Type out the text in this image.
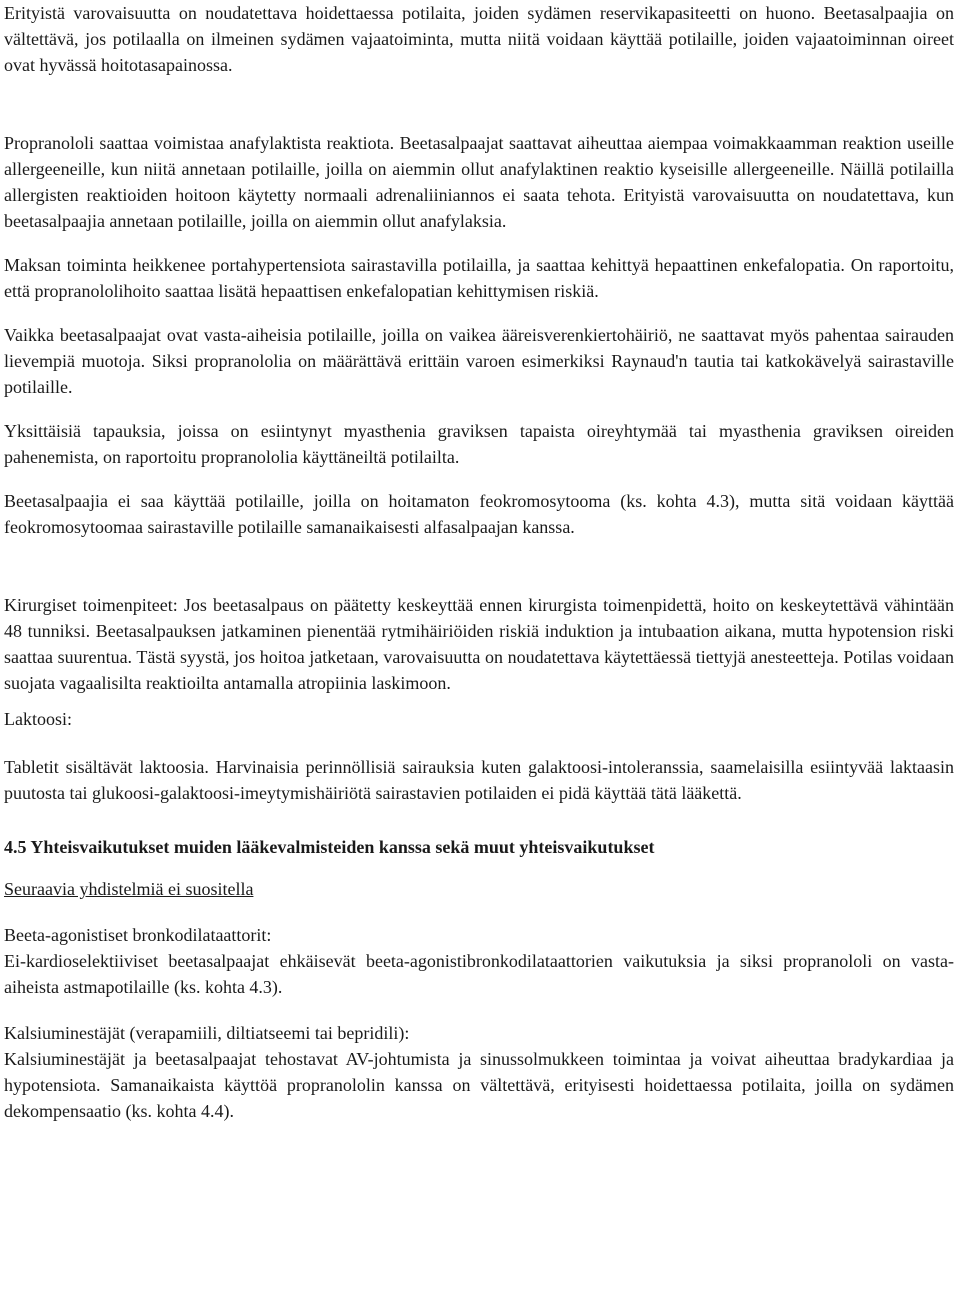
Erityistä varovaisuutta on noudatettava hoidettaessa potilaita, joiden sydämen reservikapasiteetti on huono. Beetasalpaajia on vältettävä, jos potilaalla on ilmeinen sydämen vajaatoiminta, mutta niitä voidaan käyttää potilaille, joiden vajaatoiminnan oireet ovat hyvässä hoitotasapainossa.

Propranololi saattaa voimistaa anafylaktista reaktiota. Beetasalpaajat saattavat aiheuttaa aiempaa voimakkaamman reaktion useille allergeeneille, kun niitä annetaan potilaille, joilla on aiemmin ollut anafylaktinen reaktio kyseisille allergeeneille. Näillä potilailla allergisten reaktioiden hoitoon käytetty normaali adrenaliiniannos ei saata tehota. Erityistä varovaisuutta on noudatettava, kun beetasalpaajia annetaan potilaille, joilla on aiemmin ollut anafylaksia.

Maksan toiminta heikkenee portahypertensiota sairastavilla potilailla, ja saattaa kehittyä hepaattinen enkefalopatia. On raportoitu, että propranololihoito saattaa lisätä hepaattisen enkefalopatian kehittymisen riskiä.

Vaikka beetasalpaajat ovat vasta-aiheisia potilaille, joilla on vaikea ääreisverenkiertohäiriö, ne saattavat myös pahentaa sairauden lievempiä muotoja. Siksi propranololia on määrättävä erittäin varoen esimerkiksi Raynaud'n tautia tai katkokävelyä sairastaville potilaille.

Yksittäisiä tapauksia, joissa on esiintynyt myasthenia graviksen tapaista oireyhtymää tai myasthenia graviksen oireiden pahenemista, on raportoitu propranololia käyttäneiltä potilailta.

Beetasalpaajia ei saa käyttää potilaille, joilla on hoitamaton feokromosytooma (ks. kohta 4.3), mutta sitä voidaan käyttää feokromosytoomaa sairastaville potilaille samanaikaisesti alfasalpaajan kanssa.

Kirurgiset toimenpiteet: Jos beetasalpaus on päätetty keskeyttää ennen kirurgista toimenpidettä, hoito on keskeytettävä vähintään 48 tunniksi. Beetasalpauksen jatkaminen pienentää rytmihäiriöiden riskiä induktion ja intubaation aikana, mutta hypotension riski saattaa suurentua. Tästä syystä, jos hoitoa jatketaan, varovaisuutta on noudatettava käytettäessä tiettyjä anesteetteja. Potilas voidaan suojata vagaalisilta reaktioilta antamalla atropiinia laskimoon.

Laktoosi:

Tabletit sisältävät laktoosia. Harvinaisia perinnöllisiä sairauksia kuten galaktoosi-intoleranssia, saamelaisilla esiintyvää laktaasin puutosta tai glukoosi-galaktoosi-imeytymishäiriötä sairastavien potilaiden ei pidä käyttää tätä lääkettä.

4.5 Yhteisvaikutukset muiden lääkevalmisteiden kanssa sekä muut yhteisvaikutukset

Seuraavia yhdistelmiä ei suositella

Beeta-agonistiset bronkodilataattorit:

Ei-kardioselektiiviset beetasalpaajat ehkäisevät beeta-agonistibronkodilataattorien vaikutuksia ja siksi propranololi on vasta-aiheista astmapotilaille (ks. kohta 4.3).

Kalsiuminestäjät (verapamiili, diltiatseemi tai bepridili):

Kalsiuminestäjät ja beetasalpaajat tehostavat AV-johtumista ja sinussolmukkeen toimintaa ja voivat aiheuttaa bradykardiaa ja hypotensiota. Samanaikaista käyttöä propranololin kanssa on vältettävä, erityisesti hoidettaessa potilaita, joilla on sydämen dekompensaatio (ks. kohta 4.4).
